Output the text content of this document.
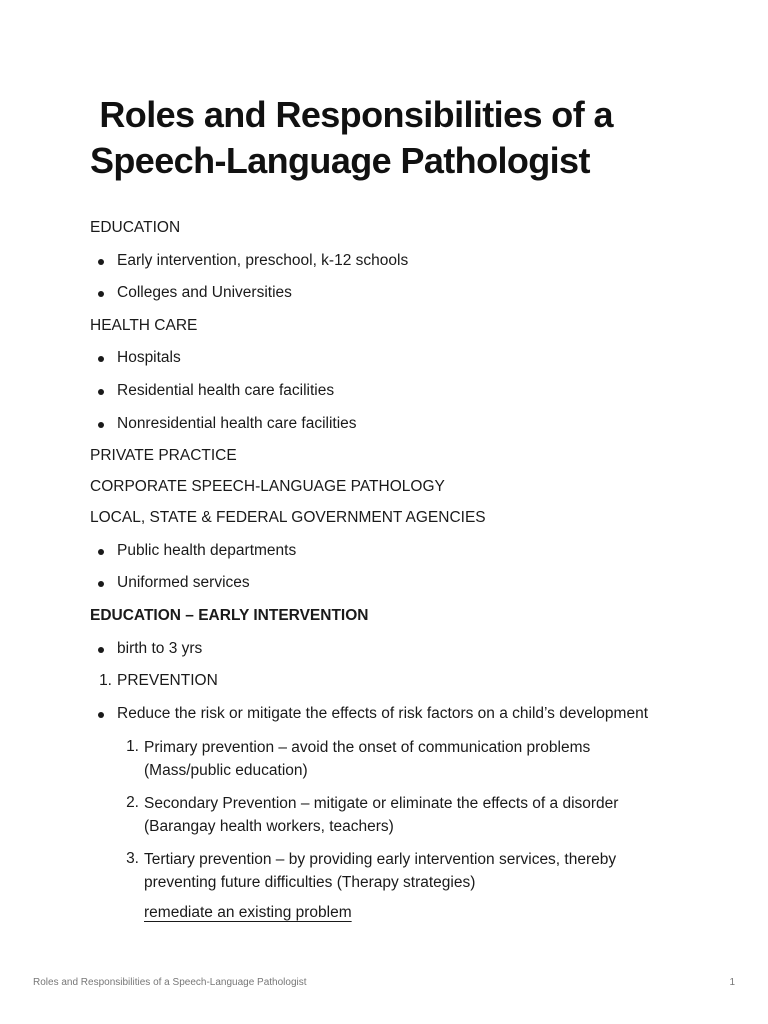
Roles and Responsibilities of a
Speech-Language Pathologist
EDUCATION
Early intervention, preschool, k-12 schools
Colleges and Universities
HEALTH CARE
Hospitals
Residential health care facilities
Nonresidential health care facilities
PRIVATE PRACTICE
CORPORATE SPEECH-LANGUAGE PATHOLOGY
LOCAL, STATE & FEDERAL GOVERNMENT AGENCIES
Public health departments
Uniformed services
EDUCATION – EARLY INTERVENTION
birth to 3 yrs
1. PREVENTION
Reduce the risk or mitigate the effects of risk factors on a child’s development
1. Primary prevention – avoid the onset of communication problems
(Mass/public education)
2. Secondary Prevention – mitigate or eliminate the effects of a disorder
(Barangay health workers, teachers)
3. Tertiary prevention – by providing early intervention services, thereby
preventing future difficulties (Therapy strategies)
remediate an existing problem
Roles and Responsibilities of a Speech-Language Pathologist	1
